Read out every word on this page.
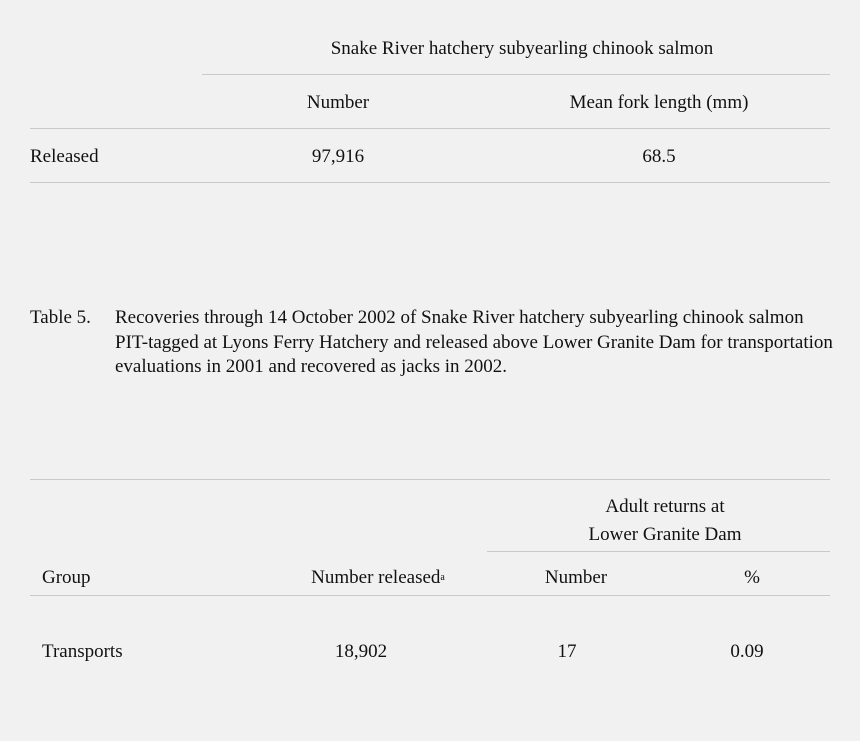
Snake River hatchery subyearling chinook salmon
Number	Mean fork length (mm)
Released	97,916	68.5
Table 5. Recoveries through 14 October 2002 of Snake River hatchery subyearling chinook salmon PIT-tagged at Lyons Ferry Hatchery and released above Lower Granite Dam for transportation evaluations in 2001 and recovered as jacks in 2002.
Adult returns at
Lower Granite Dam
Group	Number released$^a$	Number	%
Transports	18,902	17	0.09
